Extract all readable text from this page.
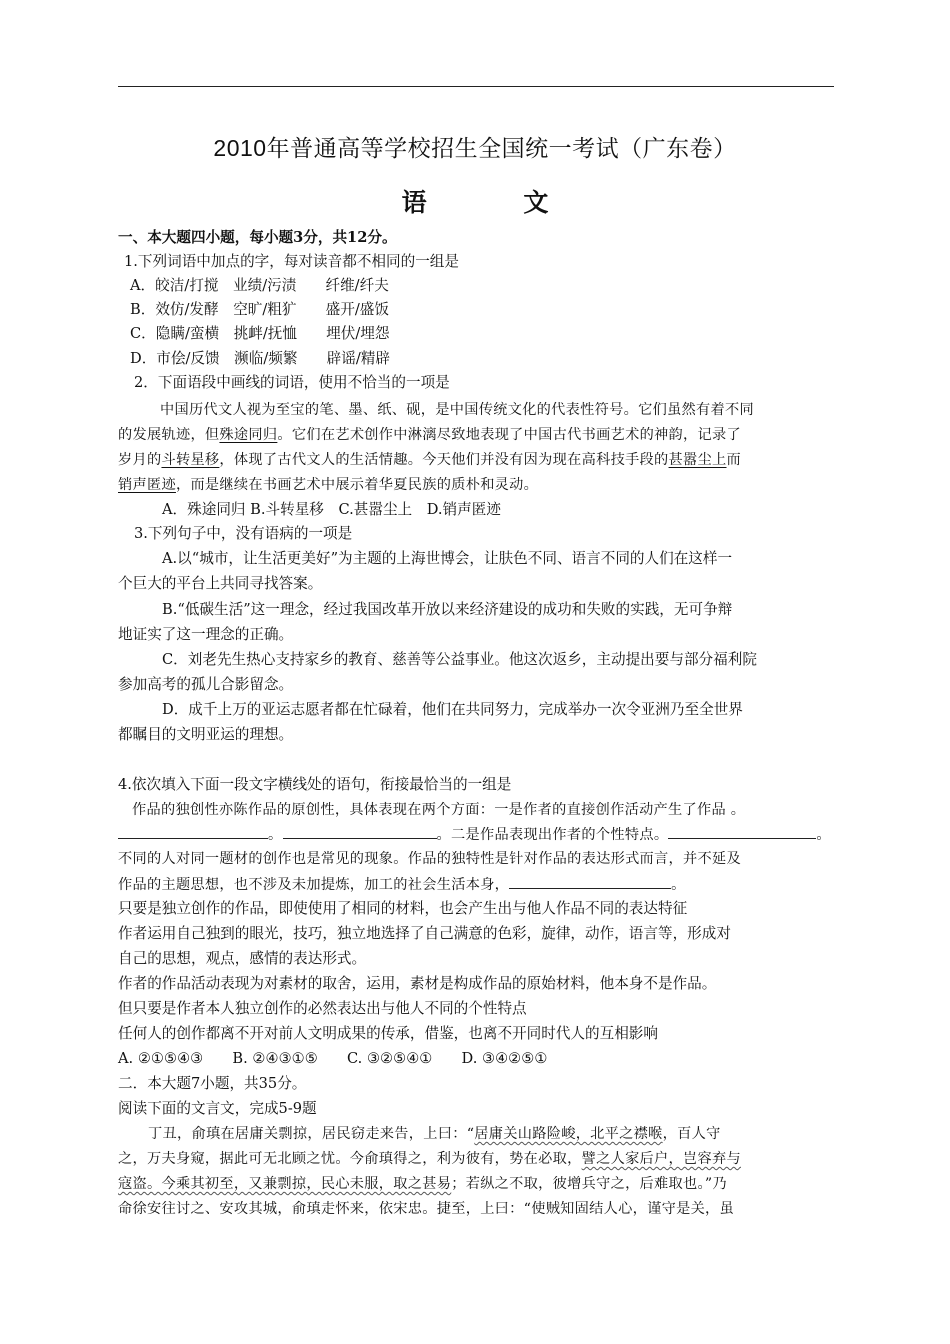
2010年普通高等学校招生全国统一考试（广东卷）
语 文
一、本大题四小题，每小题3分，共12分。
1.下列词语中加点的字，每对读音都不相同的一组是
A．皎洁/打搅　业绩/污渍　　纤维/纤夫
B．效仿/发酵　空旷/粗犷　　盛开/盛饭
C．隐瞒/蛮横　挑衅/抚恤　　埋伏/埋怨
D．市侩/反馈　濒临/频繁　　辟谣/精辟
2．下面语段中画线的词语，使用不恰当的一项是
中国历代文人视为至宝的笔、墨、纸、砚，是中国传统文化的代表性符号。它们虽然有着不同
的发展轨迹，但殊途同归。它们在艺术创作中淋漓尽致地表现了中国古代书画艺术的神韵，记录了
岁月的斗转星移，体现了古代文人的生活情趣。今天他们并没有因为现在高科技手段的甚嚣尘上而
销声匿迹，而是继续在书画艺术中展示着华夏民族的质朴和灵动。
A．殊途同归 B.斗转星移　C.甚嚣尘上　D.销声匿迹
3.下列句子中，没有语病的一项是
A.以“城市，让生活更美好”为主题的上海世博会，让肤色不同、语言不同的人们在这样一
个巨大的平台上共同寻找答案。
B.“低碳生活”这一理念，经过我国改革开放以来经济建设的成功和失败的实践，无可争辩
地证实了这一理念的正确。
C．刘老先生热心支持家乡的教育、慈善等公益事业。他这次返乡，主动提出要与部分福利院
参加高考的孤儿合影留念。
D．成千上万的亚运志愿者都在忙碌着，他们在共同努力，完成举办一次令亚洲乃至全世界
都瞩目的文明亚运的理想。
4.依次填入下面一段文字横线处的语句，衔接最恰当的一组是
作品的独创性亦陈作品的原创性，具体表现在两个方面：一是作者的直接创作活动产生了作品 。
。	。二是作品表现出作者的个性特点。	。
不同的人对同一题材的创作也是常见的现象。作品的独特性是针对作品的表达形式而言，并不延及
作品的主题思想，也不涉及未加提炼，加工的社会生活本身，	。
只要是独立创作的作品，即使使用了相同的材料，也会产生出与他人作品不同的表达特征
作者运用自己独到的眼光，技巧，独立地选择了自己满意的色彩，旋律，动作，语言等，形成对
自己的思想，观点，感情的表达形式。
作者的作品活动表现为对素材的取舍，运用，素材是构成作品的原始材料，他本身不是作品。
但只要是作者本人独立创作的必然表达出与他人不同的个性特点
任何人的创作都离不开对前人文明成果的传承，借鉴，也离不开同时代人的互相影响
A. ②①⑤④③　　B. ②④③①⑤　　C. ③②⑤④①　　D. ③④②⑤①
二．本大题7小题，共35分。
阅读下面的文言文，完成5-9题
丁丑，俞瑱在居庸关剽掠，居民窃走来告，上曰：“居庸关山路险峻，北平之襟喉，百人守
之，万夫身窥，据此可无北顾之忧。今俞瑱得之，利为彼有，势在必取，譬之人家后户，岂容弃与
寇盗。今乘其初至，又兼剽掠，民心未服，取之甚易；若纵之不取，彼增兵守之，后难取也。”乃
命徐安往讨之、安攻其城，俞瑱走怀来，依宋忠。捷至，上曰：“使贼知固结人心，谨守是关，虽
